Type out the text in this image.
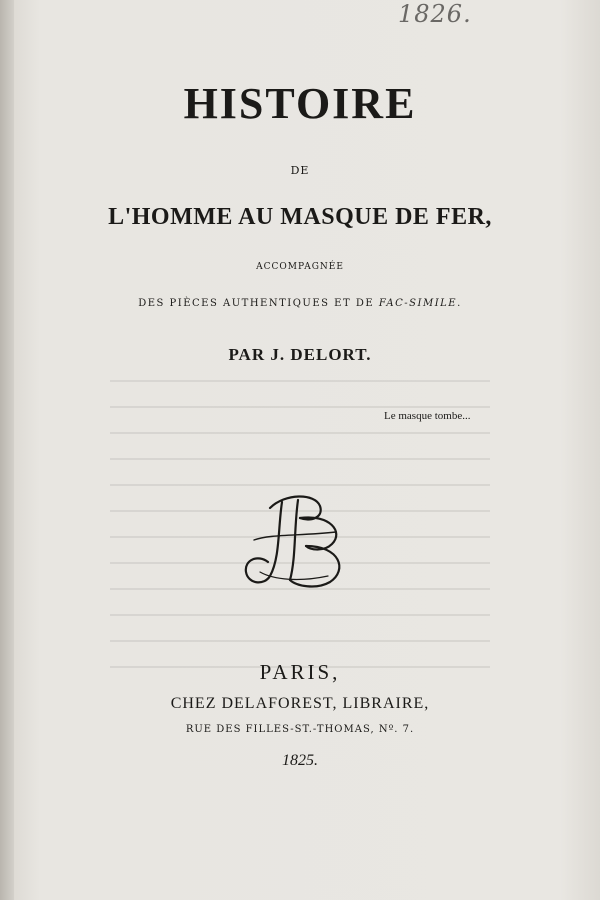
1826.
HISTOIRE
DE
L'HOMME AU MASQUE DE FER,
ACCOMPAGNÉE
DES PIÈCES AUTHENTIQUES ET DE FAC-SIMILE.
PAR J. DELORT.
Le masque tombe...
PARIS,
CHEZ DELAFOREST, LIBRAIRE,
RUE DES FILLES-ST.-THOMAS, Nº. 7.
1825.
